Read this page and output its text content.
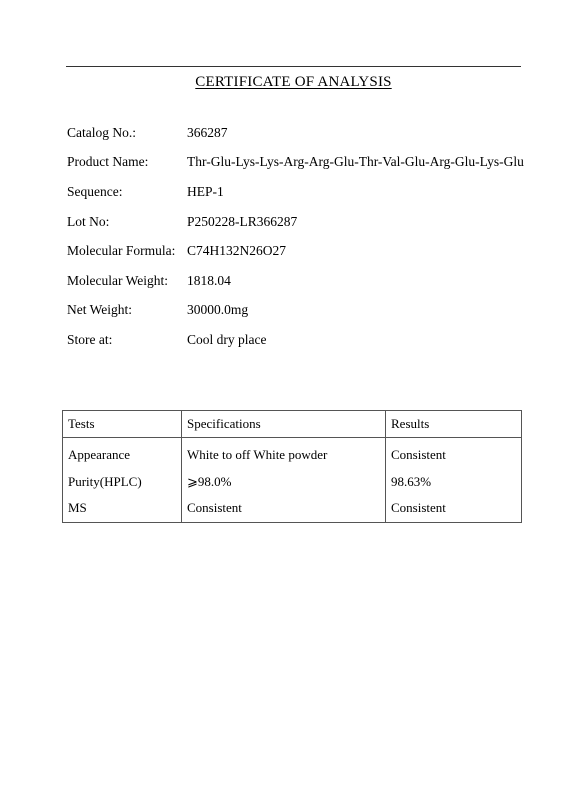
CERTIFICATE OF ANALYSIS
Catalog No.:	366287
Product Name:	Thr-Glu-Lys-Lys-Arg-Arg-Glu-Thr-Val-Glu-Arg-Glu-Lys-Glu
Sequence:	HEP-1
Lot No:	P250228-LR366287
Molecular Formula: C74H132N26O27
Molecular Weight:	1818.04
Net Weight:	30000.0mg
Store at:	Cool dry place
Tests	Specifications	Results
Appearance	White to off White powder	Consistent
Purity(HPLC)	⩾98.0%	98.63%
MS	Consistent	Consistent
